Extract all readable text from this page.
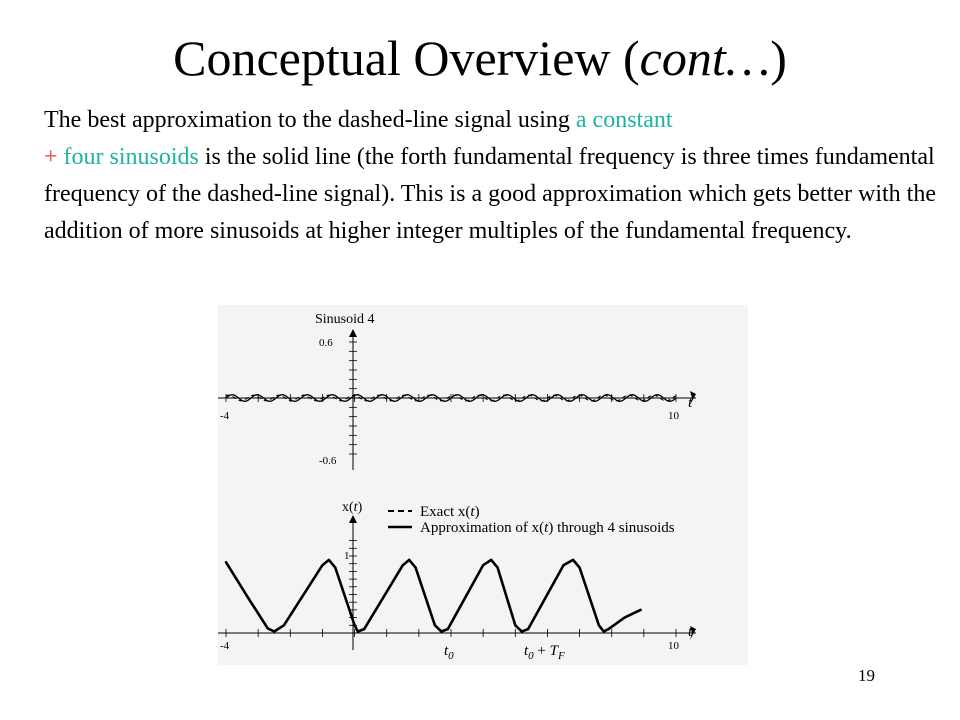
Conceptual Overview (cont…)
The best approximation to the dashed-line signal using a constant
+ four sinusoids is the solid line (the forth fundamental frequency is three times fundamental frequency of the dashed-line signal). This is a good approximation which gets better with the addition of more sinusoids at higher integer multiples of the fundamental frequency.
Sinusoid 4
0.6
-0.6
-4	10
t
x(t)
1
-4	10
t
Exact x(t)
Approximation of x(t) through 4 sinusoids
$t_0$	$t_0 + T_F$
19
